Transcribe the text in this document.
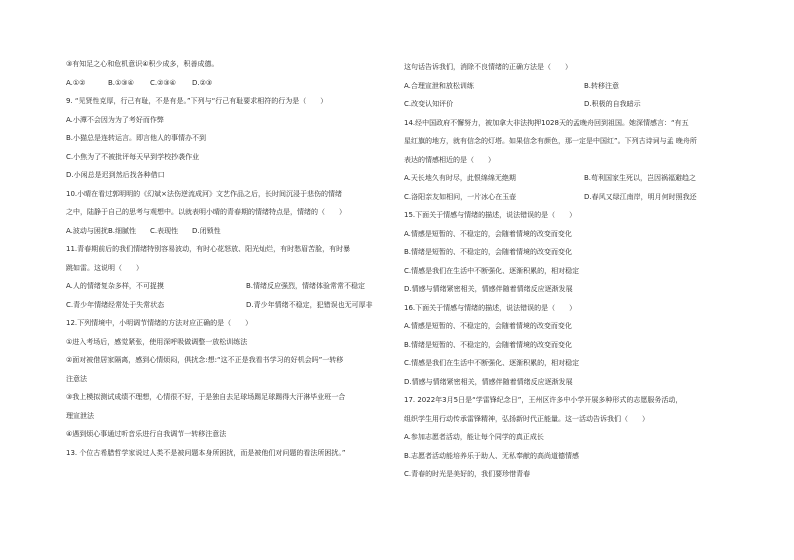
③有知足之心和危机意识④积少成多，积善成德。
A.①②	B.①③④	C.②③④	D.②③
9. “见贤性克厚，行己有耻，不是有是。”下列与“行己有耻要求相符的行为是（　　）
A.小潭不会因为为了考好而作弊
B.小猫总是连转运言。即言他人的事情办不到
C.小焦为了不被批评每天早到学校抄袭作业
D.小闲总是迟到然后找各种借口
10.小晴在看过郭明明的《幻斌×法伤逆流成河》文艺作品之后，长时间沉浸于悲伤的情绪
之中，陆静于自己的思考与观想中。以就表明小晴的青春期的情绪特点是，情绪的（　　）
A.波动与困扰 B.细腻性	C.表现性	D.闭锁性
11.青春期前后的我们情绪特别容易波动，有时心花怒放、阳光灿烂，有时愁眉苦脸，有时暴
跳如雷。这说明（　　）
A.人的情绪复杂多样，不可捉摸	B.情绪反应强烈，情绪体验常常不稳定
C.青少年情绪经常处于失常状态	D.青少年情绪不稳定，犯错误也无可厚非
12.下列情境中，小明调节情绪的方法对应正确的是（　　）
①进入考场后，感觉紧张，使用深呼吸做调整一放松训练法
②面对被借居家隔离，感到心情烦闷，俱扰念:想:“这不正是我看书学习的好机会吗”一转移
注意法
③我上模拟测试成绩不理想，心情很不好，于是独自去足球场踢足球踢得大汗淋毕业班一合
理宣泄法
④遇到烦心事通过听音乐进行自我调节一转移注意法
13. 个位古希腊哲学家说过人类不是被问题本身所困扰，而是被他们对问题的看法所困扰。”
这句话告诉我们，消除不良情绪的正确方法是（　　）
A.合理宣泄和放松训练	B.转移注意
C.改变认知评价	D.积极的自我暗示
14.经中国政府不懈努力，被加拿大非法拘押1028天的孟晚舟回到祖国。她深情感言：“有五
星红旗的地方，就有信念的灯塔。如果信念有颜色，那一定是中国红”。下列古诗词与孟 晚舟所
表达的情感相近的是（　　）
A.天长地久有时尽，此恨绵绵无绝期	B.苟利国家生死以，岂因祸福避趋之
C.洛阳亲友如相问，一片冰心在玉壶	D.春风又绿江南岸，明月何时照我还
15.下面关于情感与情绪的描述，说法错误的是（　　）
A.情感是短暂的、不稳定的，会随着情境的改变而变化
B.情绪是短暂的、不稳定的，会随着情境的改变而变化
C.情感是我们在生活中不断强化、逐渐积累的，相对稳定
D.情感与情绪紧密相关，情感伴随着情绪反应逐渐发展
16.下面关于情感与情绪的描述，说法错误的是（　　）
A.情感是短暂的、不稳定的，会随着情境的改变而变化
B.情绪是短暂的、不稳定的，会随着情境的改变而变化
C.情感是我们在生活中不断强化、逐渐积累的，相对稳定
D.情感与情绪紧密相关，情感伴随着情绪反应逐渐发展
17. 2022年3月5日是“学雷锋纪念日”，王州区许多中小学开展多种形式的志愿服务活动，
组织学生用行动传承雷锋精神，弘扬新时代正能量。这一活动告诉我们（　　）
A.参加志愿者活动，能让每个同学的真正成长
B.志愿者活动能培养乐于助人、无私奉献的高尚道德情感
C.青春的时光是美好的，我们要珍惜青春
